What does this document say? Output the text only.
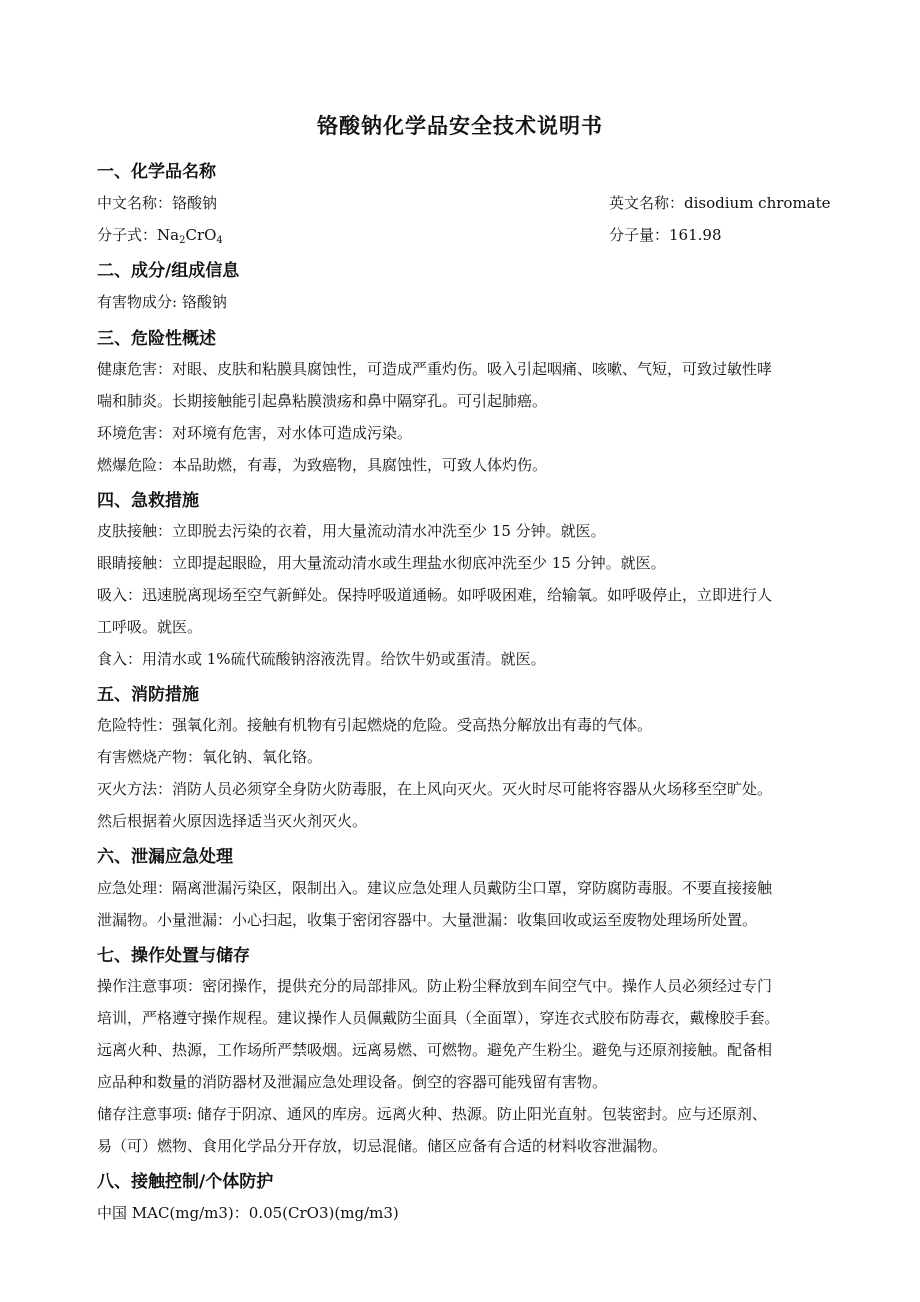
铬酸钠化学品安全技术说明书
一、化学品名称
中文名称：铬酸钠	英文名称：disodium chromate
分子式：$Na_2CrO_4$	分子量：161.98
二、成分/组成信息
有害物成分: 铬酸钠
三、危险性概述
健康危害：对眼、皮肤和粘膜具腐蚀性，可造成严重灼伤。吸入引起咽痛、咳嗽、气短，可致过敏性哮
喘和肺炎。长期接触能引起鼻粘膜溃疡和鼻中隔穿孔。可引起肺癌。
环境危害：对环境有危害，对水体可造成污染。
燃爆危险：本品助燃，有毒，为致癌物，具腐蚀性，可致人体灼伤。
四、急救措施
皮肤接触：立即脱去污染的衣着，用大量流动清水冲洗至少 15 分钟。就医。
眼睛接触：立即提起眼睑，用大量流动清水或生理盐水彻底冲洗至少 15 分钟。就医。
吸入：迅速脱离现场至空气新鲜处。保持呼吸道通畅。如呼吸困难，给输氧。如呼吸停止，立即进行人
工呼吸。就医。
食入：用清水或 1%硫代硫酸钠溶液洗胃。给饮牛奶或蛋清。就医。
五、消防措施
危险特性：强氧化剂。接触有机物有引起燃烧的危险。受高热分解放出有毒的气体。
有害燃烧产物：氧化钠、氧化铬。
灭火方法：消防人员必须穿全身防火防毒服，在上风向灭火。灭火时尽可能将容器从火场移至空旷处。
然后根据着火原因选择适当灭火剂灭火。
六、泄漏应急处理
应急处理：隔离泄漏污染区，限制出入。建议应急处理人员戴防尘口罩，穿防腐防毒服。不要直接接触
泄漏物。小量泄漏：小心扫起，收集于密闭容器中。大量泄漏：收集回收或运至废物处理场所处置。
七、操作处置与储存
操作注意事项：密闭操作，提供充分的局部排风。防止粉尘释放到车间空气中。操作人员必须经过专门
培训，严格遵守操作规程。建议操作人员佩戴防尘面具（全面罩），穿连衣式胶布防毒衣，戴橡胶手套。
远离火种、热源，工作场所严禁吸烟。远离易燃、可燃物。避免产生粉尘。避免与还原剂接触。配备相
应品种和数量的消防器材及泄漏应急处理设备。倒空的容器可能残留有害物。
储存注意事项: 储存于阴凉、通风的库房。远离火种、热源。防止阳光直射。包装密封。应与还原剂、
易（可）燃物、食用化学品分开存放，切忌混储。储区应备有合适的材料收容泄漏物。
八、接触控制/个体防护
中国 MAC(mg/m3)：0.05(CrO3)(mg/m3)
